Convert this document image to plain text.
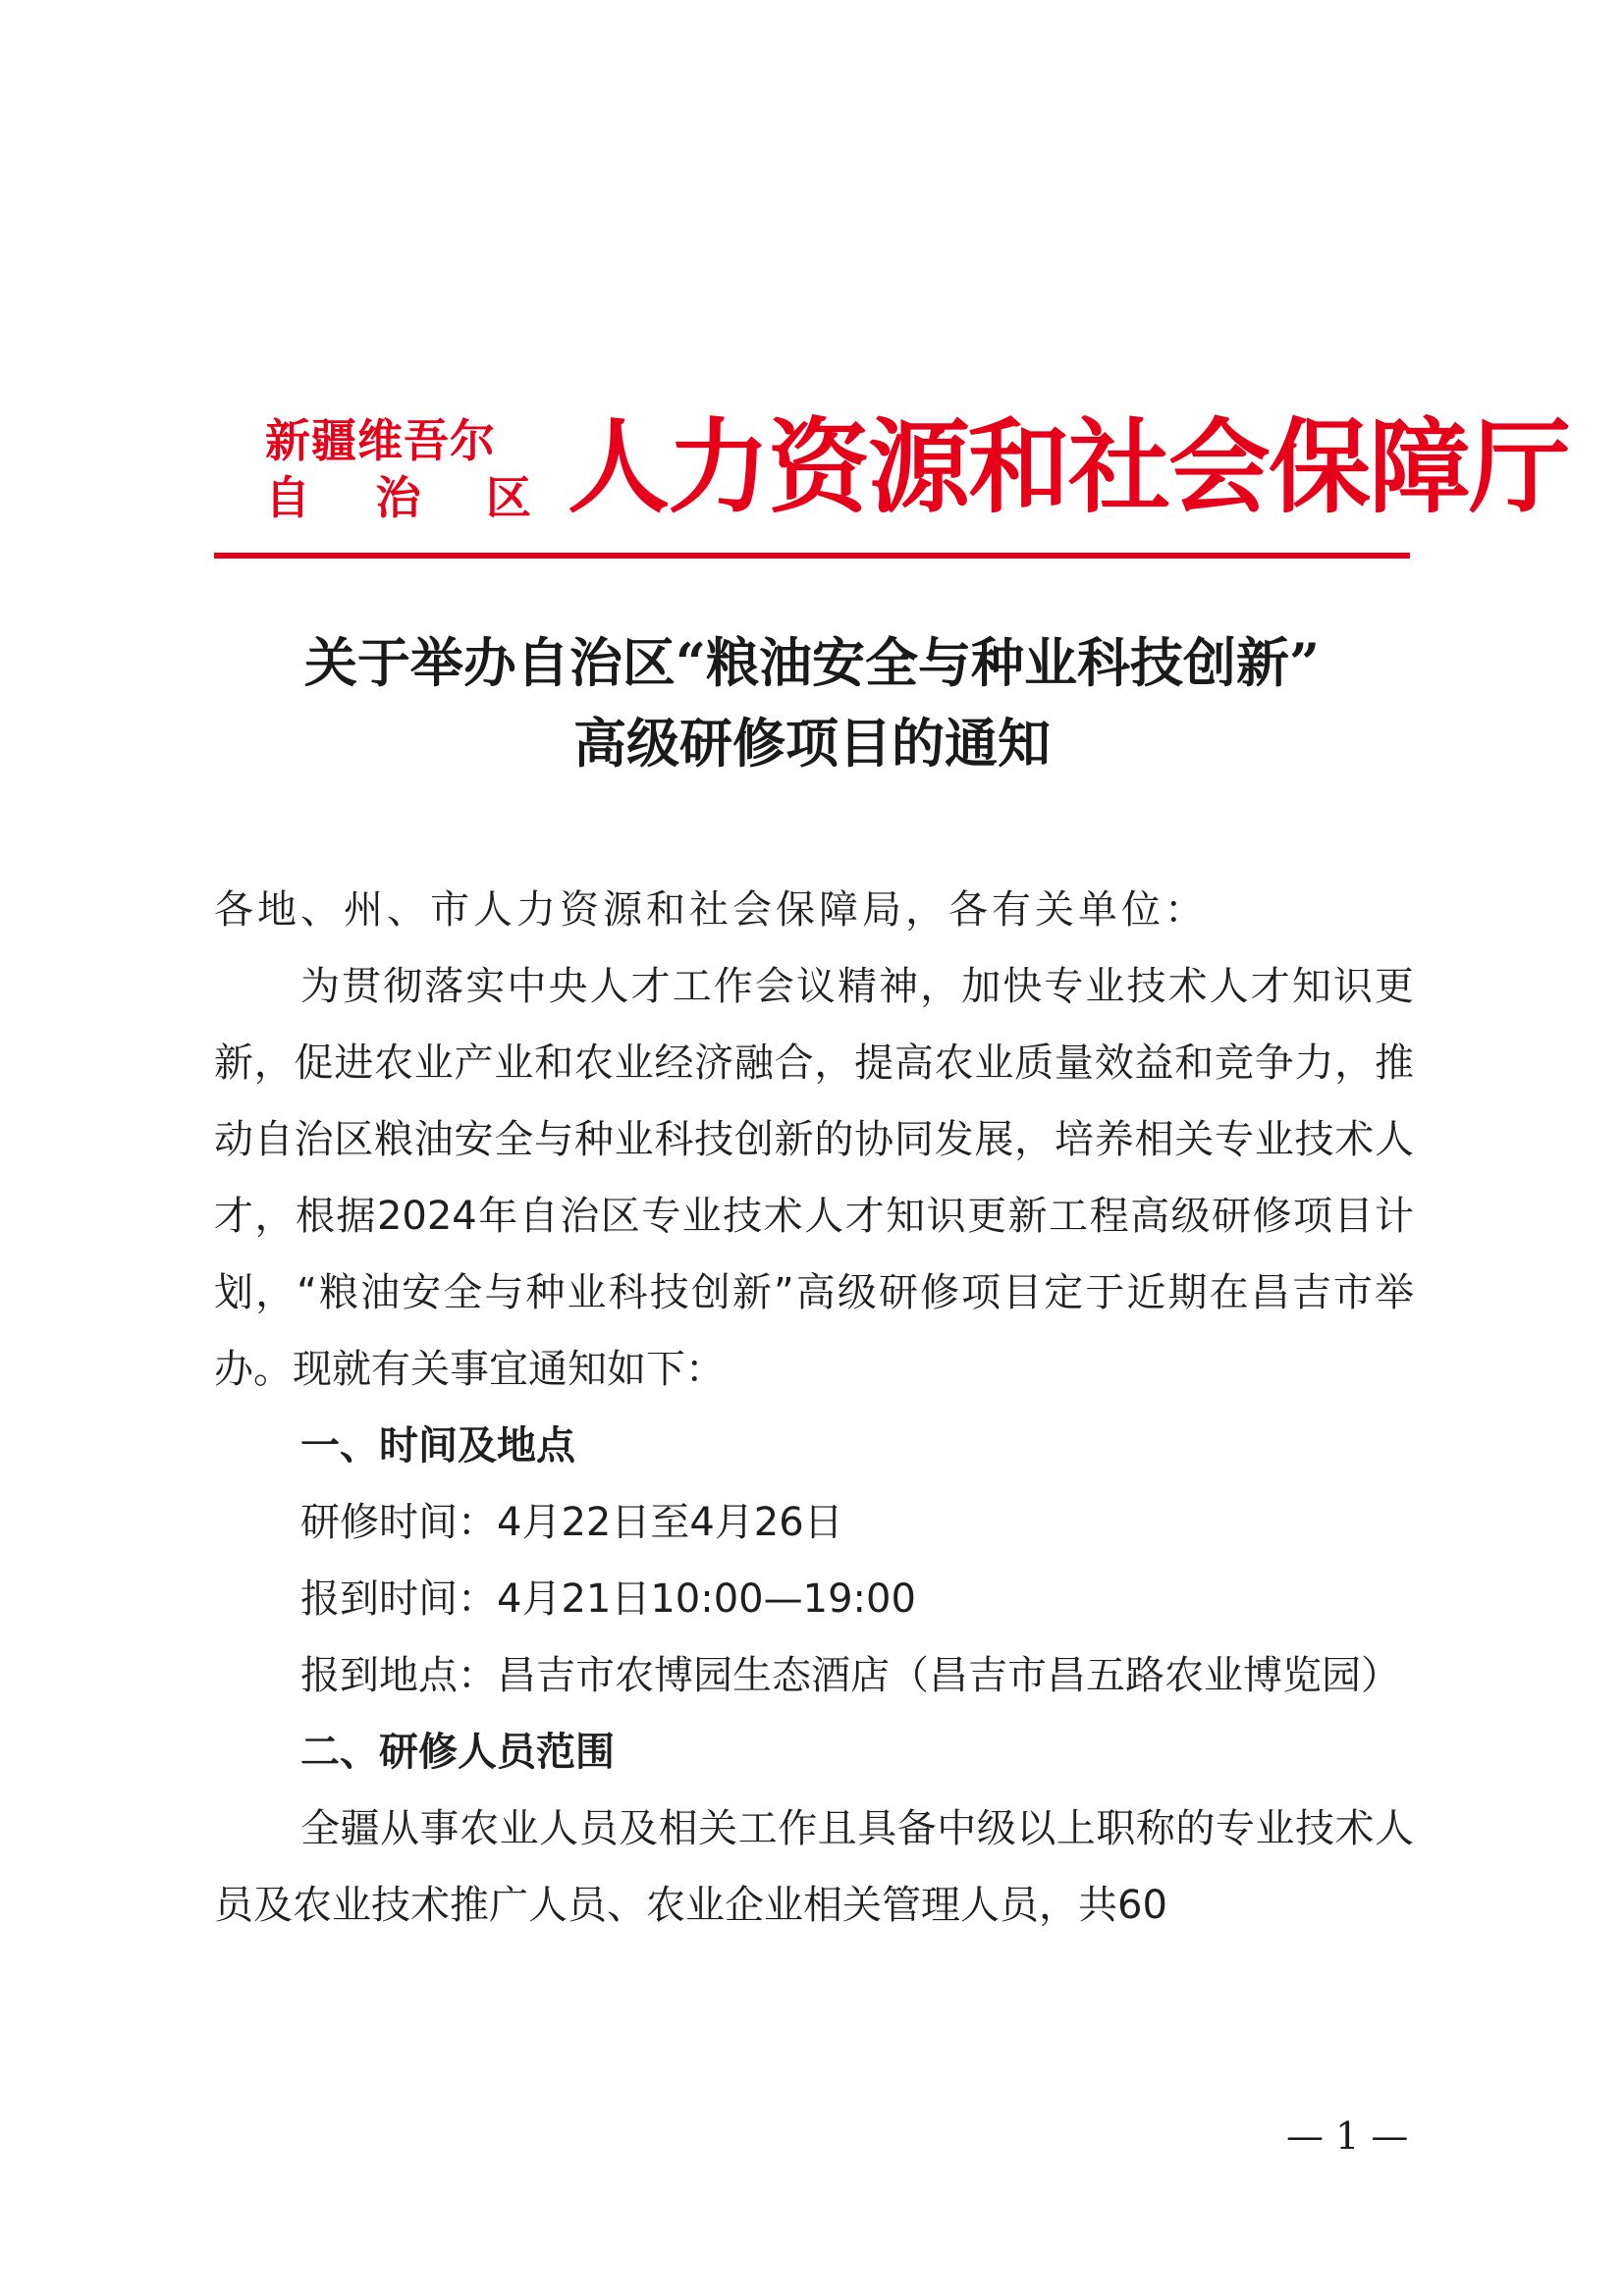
新疆维吾尔
自 治 区 人力资源和社会保障厅
关于举办自治区“粮油安全与种业科技创新”
高级研修项目的通知

各地、州、市人力资源和社会保障局，各有关单位：

为贯彻落实中央人才工作会议精神，加快专业技术人才知识更新，促进农业产业和农业经济融合，提高农业质量效益和竞争力，推动自治区粮油安全与种业科技创新的协同发展，培养相关专业技术人才，根据2024年自治区专业技术人才知识更新工程高级研修项目计划，“粮油安全与种业科技创新”高级研修项目定于近期在昌吉市举办。现就有关事宜通知如下：

一、时间及地点

研修时间：4月22日至4月26日

报到时间：4月21日10:00—19:00

报到地点：昌吉市农博园生态酒店（昌吉市昌五路农业博览园）

二、研修人员范围

全疆从事农业人员及相关工作且具备中级以上职称的专业技术人员及农业技术推广人员、农业企业相关管理人员，共60

— 1 —
